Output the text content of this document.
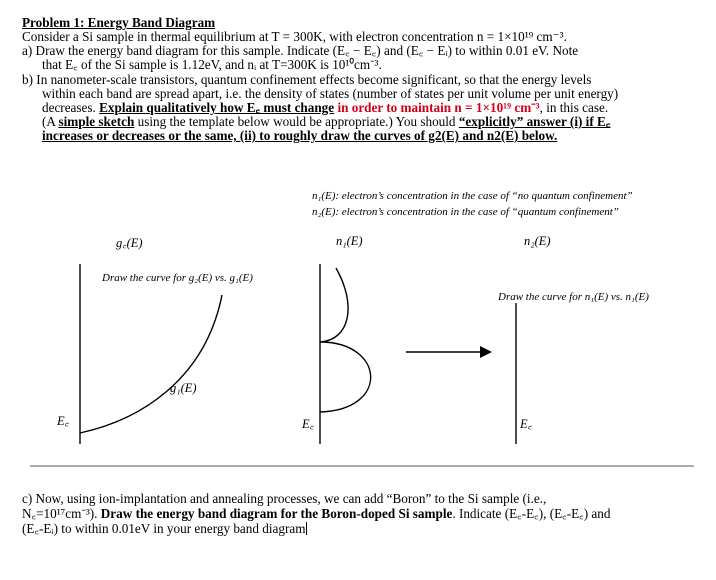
Problem 1: Energy Band Diagram
Consider a Si sample in thermal equilibrium at T = 300K, with electron concentration n = 1×10¹⁹ cm⁻³.
a) Draw the energy band diagram for this sample. Indicate (E꜀ − E꜀) and (E꜀ − Eᵢ) to within 0.01 eV. Note
that E꜀ of the Si sample is 1.12eV, and nᵢ at T=300K is 10¹⁰cm⁻³.
b) In nanometer-scale transistors, quantum confinement effects become significant, so that the energy levels
within each band are spread apart, i.e. the density of states (number of states per unit volume per unit energy)
decreases. Explain qualitatively how E꜀ must change in order to maintain n = 1×10¹⁹ cm⁻³, in this case.
(A simple sketch using the template below would be appropriate.) You should “explicitly” answer (i) if E꜀
increases or decreases or the same, (ii) to roughly draw the curves of g2(E) and n2(E) below.
n₁(E): electron’s concentration in the case of “no quantum confinement”
n₂(E): electron’s concentration in the case of “quantum confinement”
g꜀(E)	n₁(E)	n₂(E)
Draw the curve for g₂(E) vs. g₁(E)
Draw the curve for n₁(E) vs. n₁(E)
g₁(E)
E꜀	E꜀	E꜀
c) Now, using ion-implantation and annealing processes, we can add “Boron” to the Si sample (i.e.,
N꜀=10¹⁷cm⁻³). Draw the energy band diagram for the Boron-doped Si sample. Indicate (E꜀-E꜀), (E꜀-E꜀) and
(E꜀-Eᵢ) to within 0.01eV in your energy band diagram
